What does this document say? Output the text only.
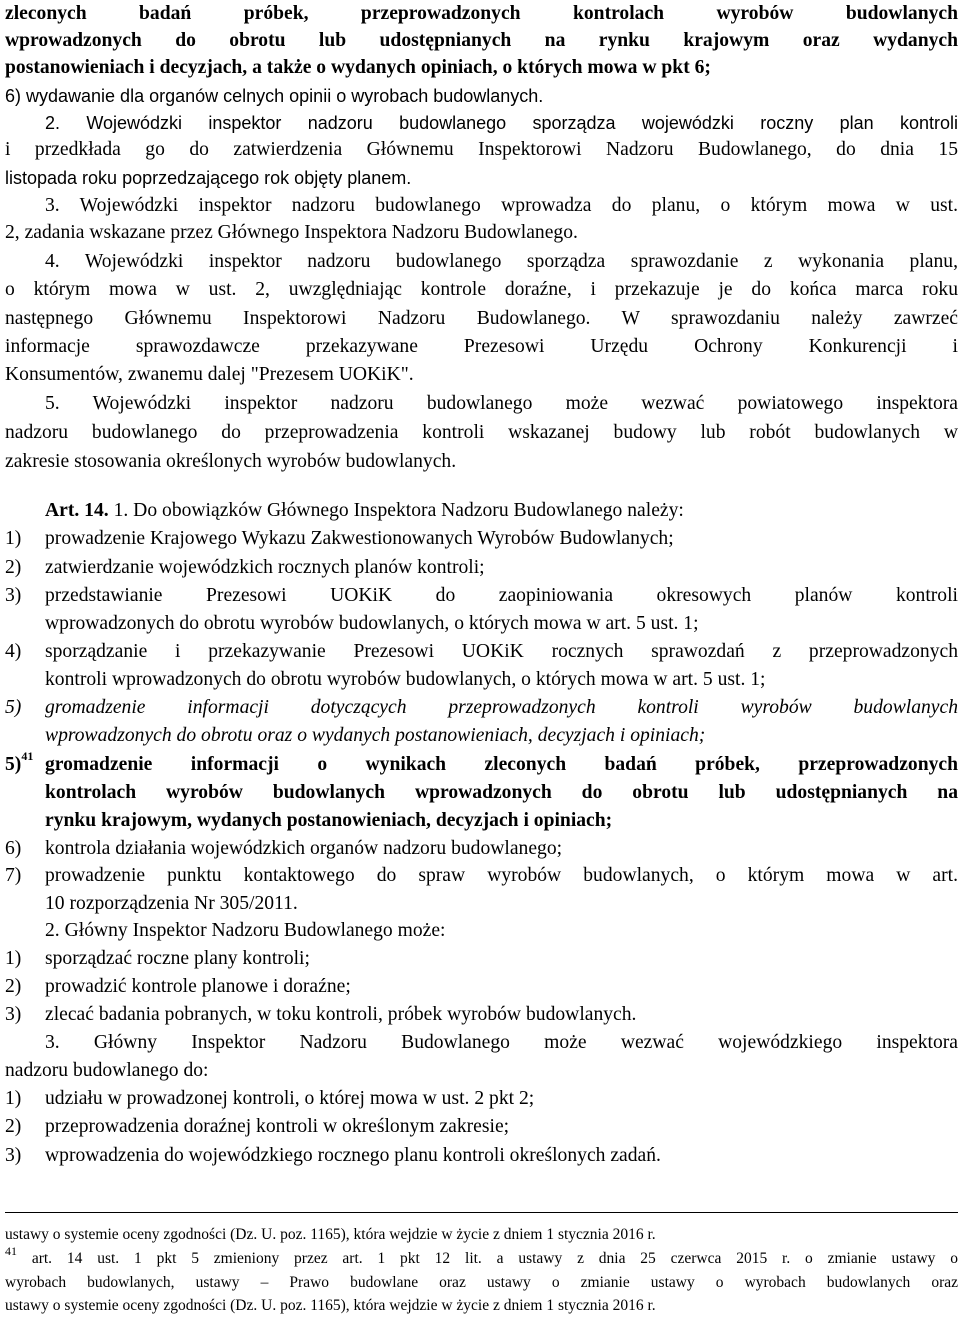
zleconych badań próbek, przeprowadzonych kontrolach wyrobów budowlanych
wprowadzonych do obrotu lub udostępnianych na rynku krajowym oraz wydanych
postanowieniach i decyzjach, a także o wydanych opiniach, o których mowa w pkt 6;
6) wydawanie dla organów celnych opinii o wyrobach budowlanych.
2. Wojewódzki inspektor nadzoru budowlanego sporządza wojewódzki roczny plan kontroli
i przedkłada go do zatwierdzenia Głównemu Inspektorowi Nadzoru Budowlanego, do dnia 15
listopada roku poprzedzającego rok objęty planem.
3. Wojewódzki inspektor nadzoru budowlanego wprowadza do planu, o którym mowa w ust.
2, zadania wskazane przez Głównego Inspektora Nadzoru Budowlanego.
4. Wojewódzki inspektor nadzoru budowlanego sporządza sprawozdanie z wykonania planu,
o którym mowa w ust. 2, uwzględniając kontrole doraźne, i przekazuje je do końca marca roku
następnego Głównemu Inspektorowi Nadzoru Budowlanego. W sprawozdaniu należy zawrzeć
informacje sprawozdawcze przekazywane Prezesowi Urzędu Ochrony Konkurencji i
Konsumentów, zwanemu dalej "Prezesem UOKiK".
5. Wojewódzki inspektor nadzoru budowlanego może wezwać powiatowego inspektora
nadzoru budowlanego do przeprowadzenia kontroli wskazanej budowy lub robót budowlanych w
zakresie stosowania określonych wyrobów budowlanych.
Art. 14. 1. Do obowiązków Głównego Inspektora Nadzoru Budowlanego należy:
1) prowadzenie Krajowego Wykazu Zakwestionowanych Wyrobów Budowlanych;
2) zatwierdzanie wojewódzkich rocznych planów kontroli;
3) przedstawianie Prezesowi UOKiK do zaopiniowania okresowych planów kontroli
wprowadzonych do obrotu wyrobów budowlanych, o których mowa w art. 5 ust. 1;
4) sporządzanie i przekazywanie Prezesowi UOKiK rocznych sprawozdań z przeprowadzonych
kontroli wprowadzonych do obrotu wyrobów budowlanych, o których mowa w art. 5 ust. 1;
5) gromadzenie informacji dotyczących przeprowadzonych kontroli wyrobów budowlanych
wprowadzonych do obrotu oraz o wydanych postanowieniach, decyzjach i opiniach;
5)$^{41}$ gromadzenie informacji o wynikach zleconych badań próbek, przeprowadzonych
kontrolach wyrobów budowlanych wprowadzonych do obrotu lub udostępnianych na
rynku krajowym, wydanych postanowieniach, decyzjach i opiniach;
6) kontrola działania wojewódzkich organów nadzoru budowlanego;
7) prowadzenie punktu kontaktowego do spraw wyrobów budowlanych, o którym mowa w art.
10 rozporządzenia Nr 305/2011.
2. Główny Inspektor Nadzoru Budowlanego może:
1) sporządzać roczne plany kontroli;
2) prowadzić kontrole planowe i doraźne;
3) zlecać badania pobranych, w toku kontroli, próbek wyrobów budowlanych.
3. Główny Inspektor Nadzoru Budowlanego może wezwać wojewódzkiego inspektora
nadzoru budowlanego do:
1) udziału w prowadzonej kontroli, o której mowa w ust. 2 pkt 2;
2) przeprowadzenia doraźnej kontroli w określonym zakresie;
3) wprowadzenia do wojewódzkiego rocznego planu kontroli określonych zadań.
ustawy o systemie oceny zgodności (Dz. U. poz. 1165), która wejdzie w życie z dniem 1 stycznia 2016 r.
$^{41}$ art. 14 ust. 1 pkt 5 zmieniony przez art. 1 pkt 12 lit. a ustawy z dnia 25 czerwca 2015 r. o zmianie ustawy o
wyrobach budowlanych, ustawy – Prawo budowlane oraz ustawy o zmianie ustawy o wyrobach budowlanych oraz
ustawy o systemie oceny zgodności (Dz. U. poz. 1165), która wejdzie w życie z dniem 1 stycznia 2016 r.
